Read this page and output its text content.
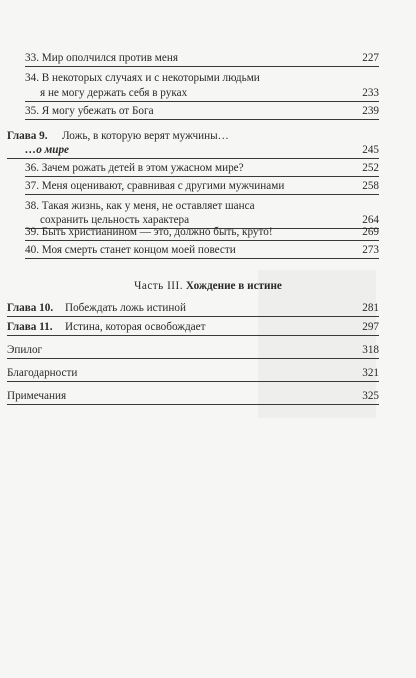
33. Мир ополчился против меня	227
34. В некоторых случаях и с некоторыми людьми
я не могу держать себя в руках	233
35. Я могу убежать от Бога	239
Глава 9. Ложь, в которую верят мужчины…
…о мире	245
36. Зачем рожать детей в этом ужасном мире?	252
37. Меня оценивают, сравнивая с другими мужчинами	258
38. Такая жизнь, как у меня, не оставляет шанса
сохранить цельность характера	264
39. Быть христианином — это, должно быть, круто!	269
40. Моя смерть станет концом моей повести	273
Часть III. Хождение в истине
Глава 10. Побеждать ложь истиной	281
Глава 11. Истина, которая освобождает	297
Эпилог	318
Благодарности	321
Примечания	325
